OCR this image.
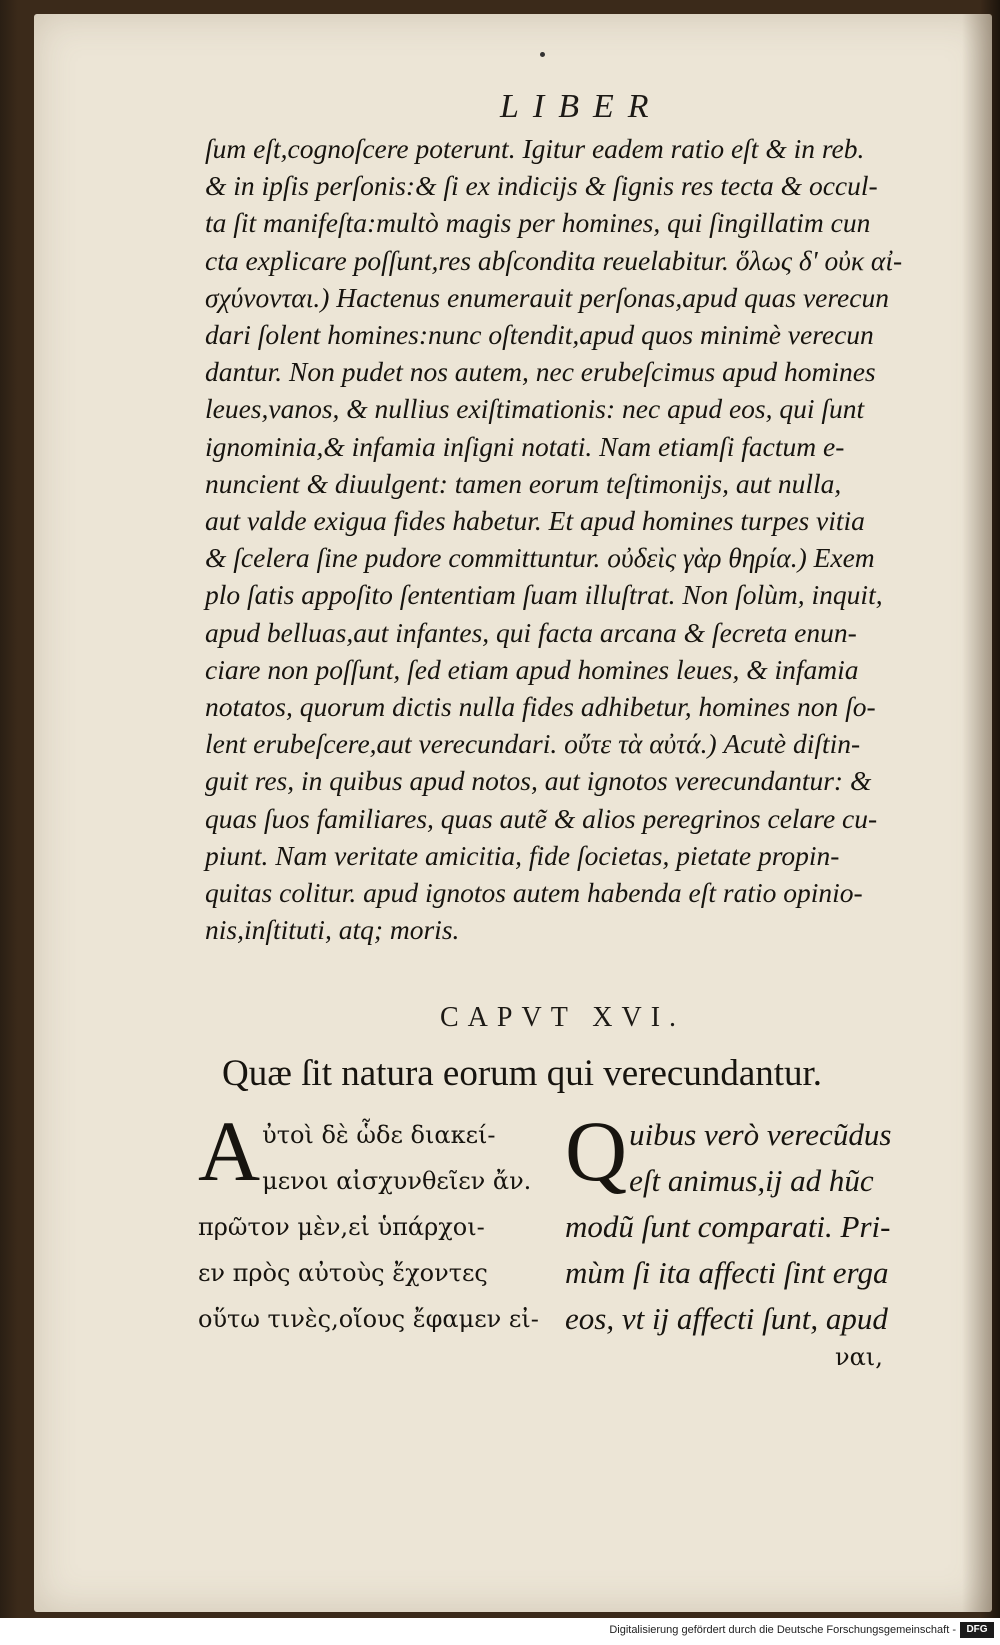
LIBER
ſum eſt,cognoſcere poterunt. Igitur eadem ratio eſt & in reb.
& in ipſis perſonis:& ſi ex indicijs & ſignis res tecta & occul-
ta ſit manifeſta:multò magis per homines, qui ſingillatim cun
cta explicare poſſunt,res abſcondita reuelabitur. ὅλως δ' οὐκ αἰ-
σχύνονται.) Hactenus enumerauit perſonas,apud quas verecun
dari ſolent homines:nunc oſtendit,apud quos minimè verecun
dantur. Non pudet nos autem, nec erubeſcimus apud homines
leues,vanos, & nullius exiſtimationis: nec apud eos, qui ſunt
ignominia,& infamia inſigni notati. Nam etiamſi factum e-
nuncient & diuulgent: tamen eorum teſtimonijs, aut nulla,
aut valde exigua fides habetur. Et apud homines turpes vitia
& ſcelera ſine pudore committuntur. οὐδεὶς γὰρ θηρία.) Exem
plo ſatis appoſito ſententiam ſuam illuſtrat. Non ſolùm, inquit,
apud belluas,aut infantes, qui facta arcana & ſecreta enun-
ciare non poſſunt, ſed etiam apud homines leues, & infamia
notatos, quorum dictis nulla fides adhibetur, homines non ſo-
lent erubeſcere,aut verecundari. οὔτε τὰ αὐτά.) Acutè diſtin-
guit res, in quibus apud notos, aut ignotos verecundantur: &
quas ſuos familiares, quas autẽ & alios peregrinos celare cu-
piunt. Nam veritate amicitia, fide ſocietas, pietate propin-
quitas colitur. apud ignotos autem habenda eſt ratio opinio-
nis,inſtituti, atq; moris.
CAPVT XVI.
Quæ ſit natura eorum qui verecundantur.
A ὐτοὶ δὲ ὧδε διακεί-
μενοι αἰσχυνθεῖεν ἄν.
πρῶτον μὲν,εἰ ὑπάρχοι-
εν πρὸς αὐτοὺς ἔχοντες
οὕτω τινὲς,οἵους ἔφαμεν εἰ-
Q uibus verò verecũdus
eſt animus,ij ad hũc
modũ ſunt comparati. Pri-
mùm ſi ita affecti ſint erga
eos, vt ij affecti ſunt, apud
ναι,
Digitalisierung gefördert durch die Deutsche Forschungsgemeinschaft -	DFG
